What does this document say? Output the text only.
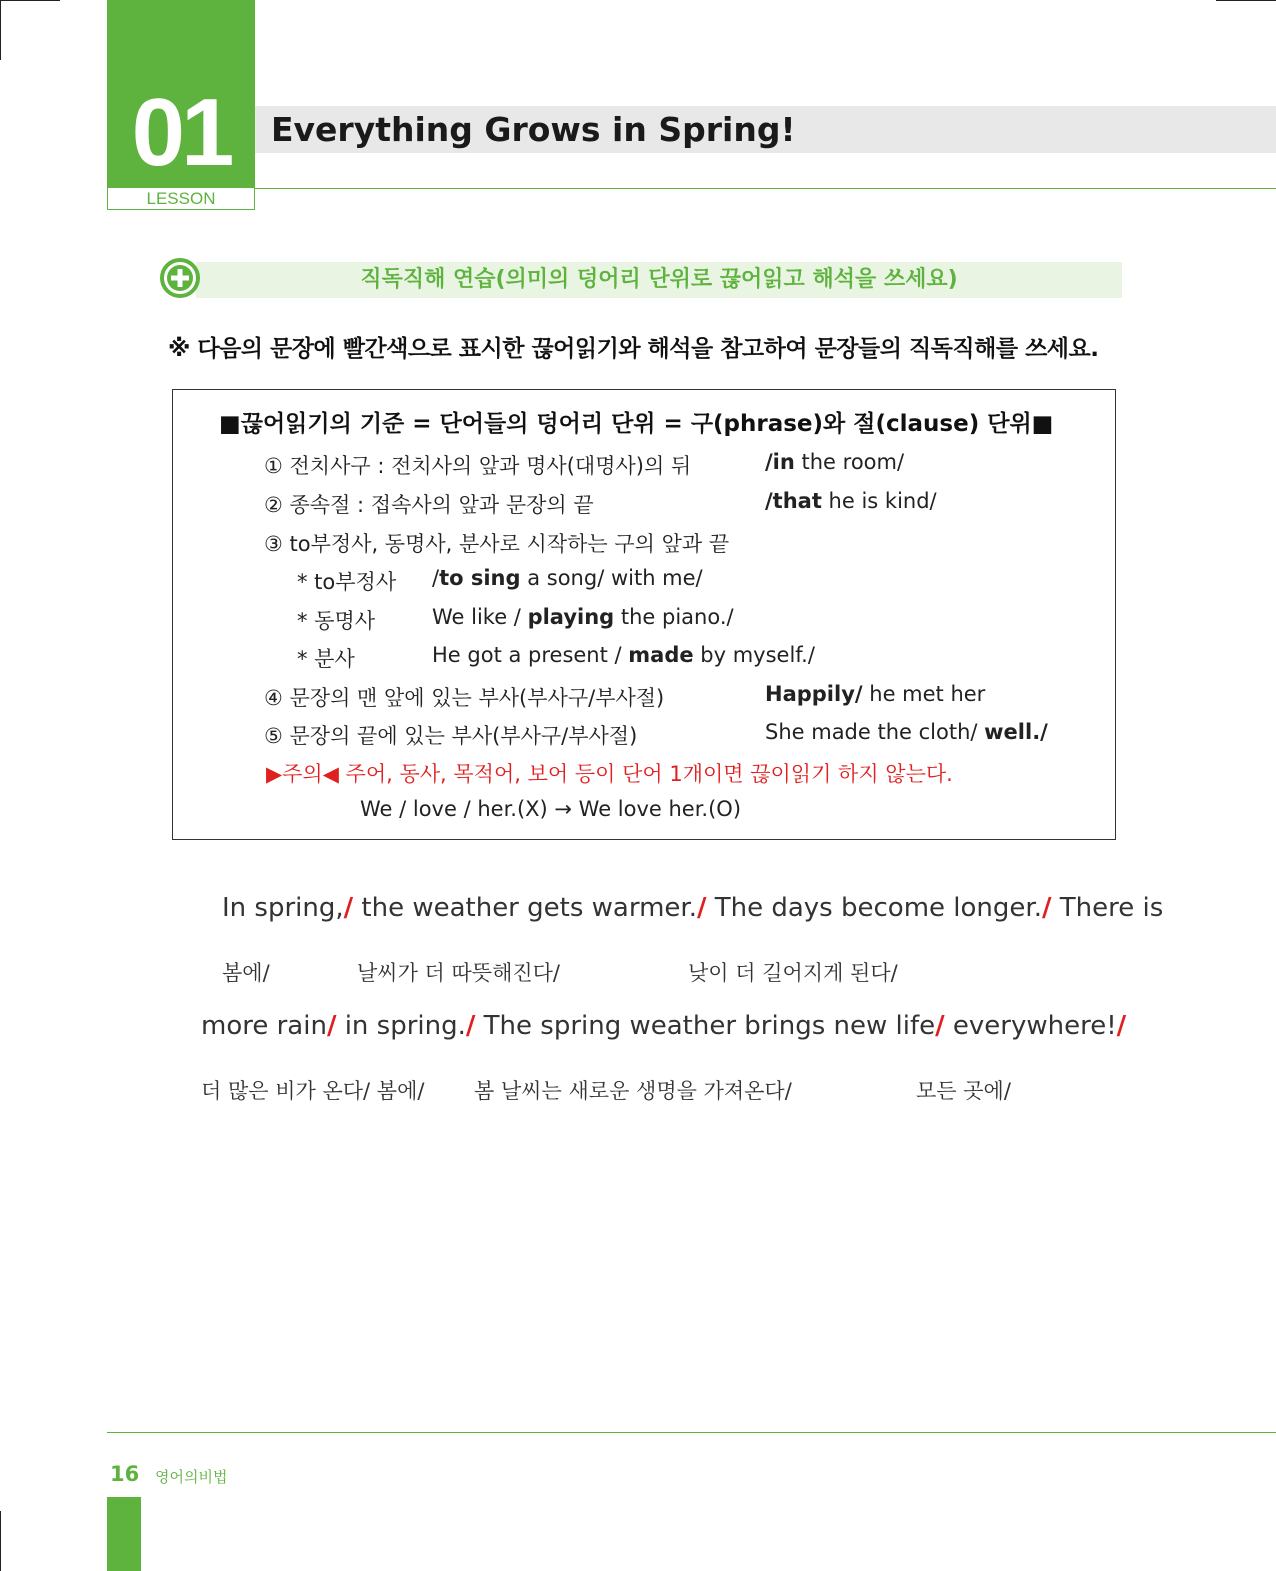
01
LESSON
Everything Grows in Spring!
직독직해 연습(의미의 덩어리 단위로 끊어읽고 해석을 쓰세요)
※ 다음의 문장에 빨간색으로 표시한 끊어읽기와 해석을 참고하여 문장들의 직독직해를 쓰세요.
■끊어읽기의 기준 = 단어들의 덩어리 단위 = 구(phrase)와 절(clause) 단위■
① 전치사구 : 전치사의 앞과 명사(대명사)의 뒤	/in the room/
② 종속절 : 접속사의 앞과 문장의 끝	/that he is kind/
③ to부정사, 동명사, 분사로 시작하는 구의 앞과 끝
* to부정사 /to sing a song/ with me/
* 동명사	We like / playing the piano./
* 분사	He got a present / made by myself./
④ 문장의 맨 앞에 있는 부사(부사구/부사절)	Happily/ he met her
⑤ 문장의 끝에 있는 부사(부사구/부사절)	She made the cloth/ well./
▶주의◀ 주어, 동사, 목적어, 보어 등이 단어 1개이면 끊이읽기 하지 않는다.
We / love / her.(X) → We love her.(O)
In spring,/ the weather gets warmer./ The days become longer./ There is
봄에/	날씨가 더 따뜻해진다/	낮이 더 길어지게 된다/
more rain/ in spring./ The spring weather brings new life/ everywhere!/
더 많은 비가 온다/ 봄에/ 봄 날씨는 새로운 생명을 가져온다/	모든 곳에/
16 영어의비법
